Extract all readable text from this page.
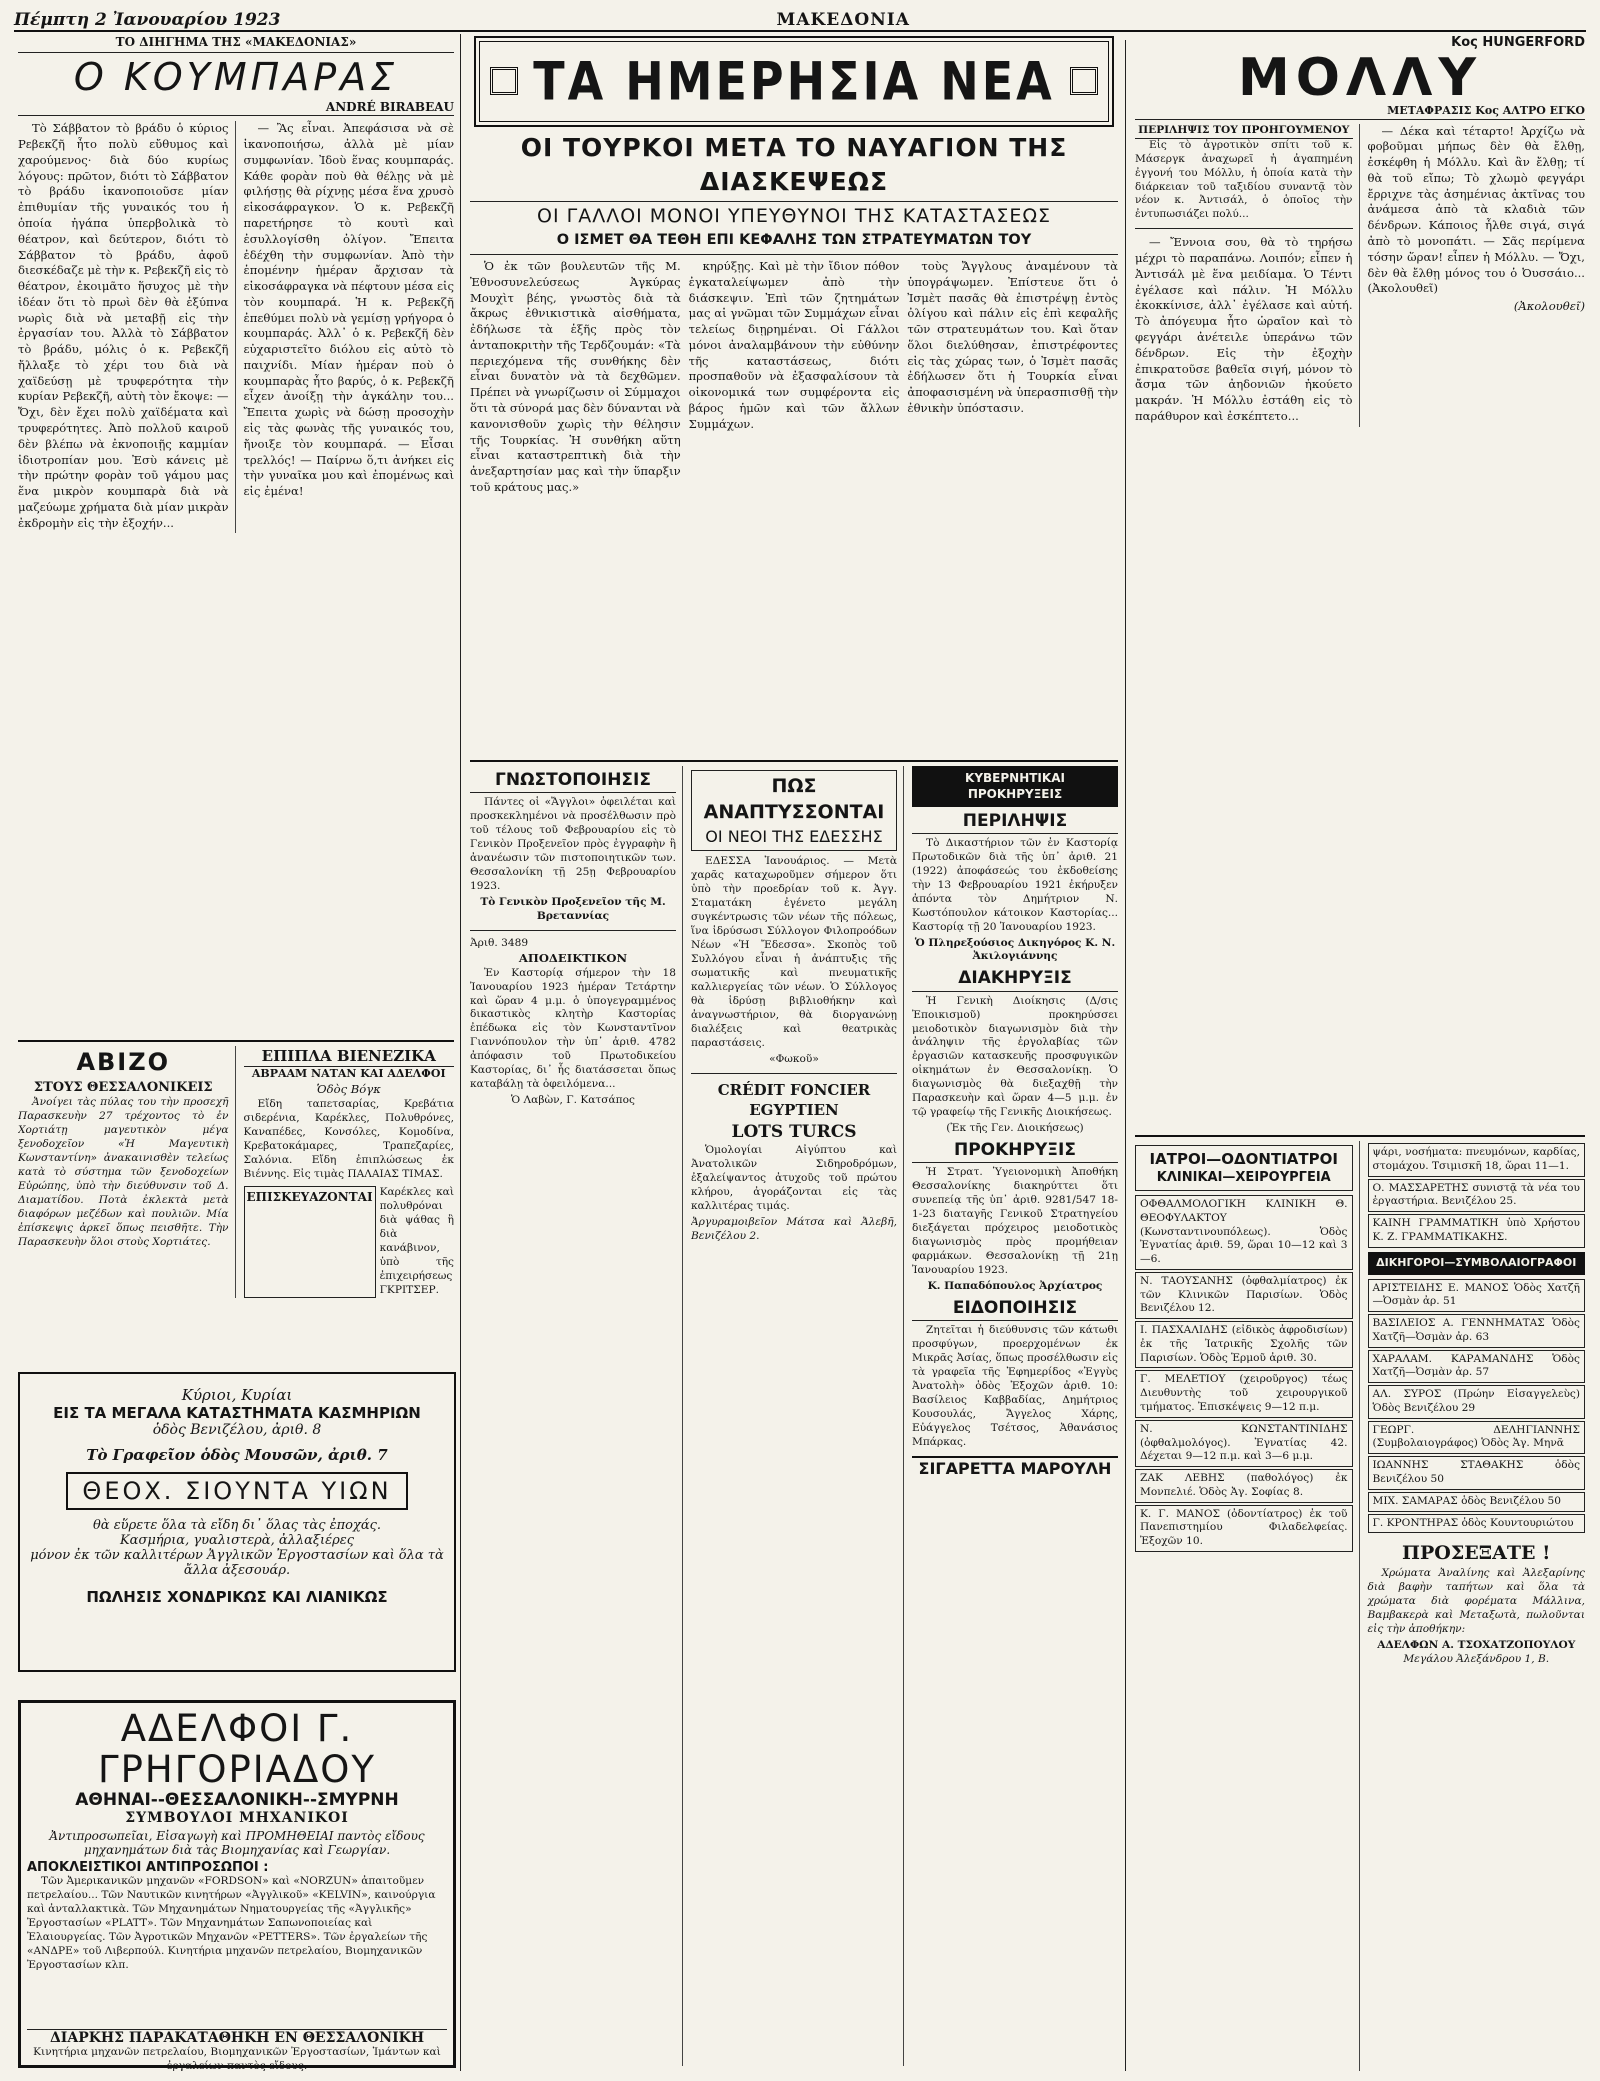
Πέμπτη 2 Ἰανουαρίου 1923	ΜΑΚΕΔΟΝΙΑ
ΤΟ ΔΙΗΓΗΜΑ ΤΗΣ «ΜΑΚΕΔΟΝΙΑΣ»
Ο ΚΟΥΜΠΑΡΑΣ
ANDRÉ BIRABEAU

Τὸ Σάββατον τὸ βράδυ ὁ κύριος Ρεβεκζῆ ἦτο πολὺ εὔθυμος καὶ χαρούμενος· διὰ δύο κυρίως λόγους: πρῶτον, διότι τὸ Σάββατον τὸ βράδυ ἱκανοποιοῦσε μίαν ἐπιθυμίαν τῆς γυναικός του ἡ ὁποία ἠγάπα ὑπερβολικὰ τὸ θέατρον, καὶ δεύτερον, διότι τὸ Σάββατον τὸ βράδυ, ἀφοῦ διεσκέδαζε μὲ τὴν κ. Ρεβεκζῆ εἰς τὸ θέατρον, ἐκοιμᾶτο ἥσυχος μὲ τὴν ἰδέαν ὅτι τὸ πρωὶ δὲν θὰ ἐξύπνα νωρὶς διὰ νὰ μεταβῇ εἰς τὴν ἐργασίαν του. Ἀλλὰ τὸ Σάββατον τὸ βράδυ, μόλις ὁ κ. Ρεβεκζῆ ἤλλαξε τὸ χέρι του διὰ νὰ χαϊδεύσῃ μὲ τρυφερότητα τὴν κυρίαν Ρεβεκζῆ, αὐτὴ τὸν ἔκοψε: — Ὄχι, δὲν ἔχει πολὺ χαϊδέματα καὶ τρυφερότητες. Ἀπὸ πολλοῦ καιροῦ δὲν βλέπω νὰ ἐκνοποιῇς καμμίαν ἰδιοτροπίαν μου. Ἐσὺ κάνεις μὲ τὴν πρώτην φορὰν τοῦ γάμου μας ἕνα μικρὸν κουμπαρὰ διὰ νὰ μαζεύωμε χρήματα διὰ μίαν μικρὰν ἐκδρομὴν εἰς τὴν ἐξοχήν...

— Ἂς εἶναι. Ἀπεφάσισα νὰ σὲ ἱκανοποιήσω, ἀλλὰ μὲ μίαν συμφωνίαν. Ἰδοὺ ἕνας κουμπαράς. Κάθε φορὰν ποὺ θὰ θέλῃς νὰ μὲ φιλήσῃς θὰ ρίχνῃς μέσα ἕνα χρυσὸ εἰκοσάφραγκον. Ὁ κ. Ρεβεκζῆ παρετήρησε τὸ κουτὶ καὶ ἐσυλλογίσθη ὀλίγον. Ἔπειτα ἐδέχθη τὴν συμφωνίαν. Ἀπὸ τὴν ἑπομένην ἡμέραν ἄρχισαν τὰ εἰκοσάφραγκα νὰ πέφτουν μέσα εἰς τὸν κουμπαρά. Ἡ κ. Ρεβεκζῆ ἐπεθύμει πολὺ νὰ γεμίσῃ γρήγορα ὁ κουμπαράς. Ἀλλ᾽ ὁ κ. Ρεβεκζῆ δὲν εὐχαριστεῖτο διόλου εἰς αὐτὸ τὸ παιχνίδι. Μίαν ἡμέραν ποὺ ὁ κουμπαρὰς ἦτο βαρύς, ὁ κ. Ρεβεκζῆ εἶχεν ἀνοίξῃ τὴν ἀγκάλην του... Ἔπειτα χωρὶς νὰ δώσῃ προσοχὴν εἰς τὰς φωνὰς τῆς γυναικός του, ἤνοιξε τὸν κουμπαρά. — Εἶσαι τρελλός! — Παίρνω ὅ,τι ἀνήκει εἰς τὴν γυναῖκα μου καὶ ἐπομένως καὶ εἰς ἐμένα!

ΑΒΙΖΟ
ΣΤΟΥΣ ΘΕΣΣΑΛΟΝΙΚΕΙΣ

Ἀνοίγει τὰς πύλας του τὴν προσεχῆ Παρασκευὴν 27 τρέχοντος τὸ ἐν Χορτιάτῃ μαγευτικὸν μέγα ξενοδοχεῖον «Ἡ Μαγευτικὴ Κωνσταντίνη» ἀνακαινισθὲν τελείως κατὰ τὸ σύστημα τῶν ξενοδοχείων Εὐρώπης, ὑπὸ τὴν διεύθυνσιν τοῦ Δ. Διαματίδου. Ποτὰ ἐκλεκτὰ μετὰ διαφόρων μεζέδων καὶ πουλιῶν. Μία ἐπίσκεψις ἀρκεῖ ὅπως πεισθῆτε. Τὴν Παρασκευὴν ὅλοι στοὺς Χορτιάτες.

ΕΠΙΠΛΑ ΒΙΕΝΕΖΙΚΑ
ΑΒΡΑΑΜ ΝΑΤΑΝ ΚΑΙ ΑΔΕΛΦΟΙ
Ὁδὸς Βόγκ

Εἴδη ταπετσαρίας, Κρεβάτια σιδερένια, Καρέκλες, Πολυθρόνες, Καναπέδες, Κονσόλες, Κομοδίνα, Κρεβατοκάμαρες, Τραπεζαρίες, Σαλόνια. Εἴδη ἐπιπλώσεως ἐκ Βιέννης. Εἰς τιμὰς ΠΑΛΑΙΑΣ ΤΙΜΑΣ.

ΕΠΙΣΚΕΥΑΖΟΝΤΑΙ Καρέκλες καὶ πολυθρόναι διὰ ψάθας ἢ διὰ κανάβινον, ὑπὸ τῆς ἐπιχειρήσεως ΓΚΡΙΤΣΕΡ.
Κύριοι, Κυρίαι
ΕΙΣ ΤΑ ΜΕΓΑΛΑ ΚΑΤΑΣΤΗΜΑΤΑ ΚΑΣΜΗΡΙΩΝ
ὁδὸς Βενιζέλου, ἀριθ. 8
Τὸ Γραφεῖον ὁδὸς Μουσῶν, ἀριθ. 7
ΘΕΟΧ. ΣΙΟΥΝΤΑ ΥΙΩΝ
θὰ εὕρετε ὅλα τὰ εἴδη δι᾽ ὅλας τὰς ἐποχάς.
Κασμήρια, γυαλιστερὰ, ἀλλαξιέρες
μόνον ἐκ τῶν καλλιτέρων Ἀγγλικῶν Ἐργοστασίων καὶ ὅλα τὰ ἄλλα ἀξεσουάρ.
ΠΩΛΗΣΙΣ ΧΟΝΔΡΙΚΩΣ ΚΑΙ ΛΙΑΝΙΚΩΣ
ΑΔΕΛΦΟΙ Γ. ΓΡΗΓΟΡΙΑΔΟΥ
ΑΘΗΝΑΙ--ΘΕΣΣΑΛΟΝΙΚΗ--ΣΜΥΡΝΗ
ΣΥΜΒΟΥΛΟΙ ΜΗΧΑΝΙΚΟΙ
Ἀντιπροσωπεῖαι, Εἰσαγωγὴ καὶ ΠΡΟΜΗΘΕΙΑΙ παντὸς εἴδους μηχανημάτων διὰ τὰς Βιομηχανίας καὶ Γεωργίαν.
ΑΠΟΚΛΕΙΣΤΙΚΟΙ ΑΝΤΙΠΡΟΣΩΠΟΙ :

Τῶν Ἀμερικανικῶν μηχανῶν «FORDSON» καὶ «NORZUN» ἀπαιτοῦμεν πετρελαίου... Τῶν Ναυτικῶν κινητήρων «Ἀγγλικοῦ» «KELVIN», καινούργια καὶ ἀνταλλακτικὰ. Τῶν Μηχανημάτων Νηματουργείας τῆς «Ἀγγλικῆς» Ἐργοστασίων «PLATT». Τῶν Μηχανημάτων Σαπωνοποιείας καὶ Ἐλαιουργείας. Τῶν Ἀγροτικῶν Μηχανῶν «PETTERS». Τῶν ἐργαλείων τῆς «ΑΝΔΡΕ» τοῦ Λιβερπούλ. Κινητήρια μηχανῶν πετρελαίου, Βιομηχανικῶν Ἐργοστασίων κλπ.

ΔΙΑΡΚΗΣ ΠΑΡΑΚΑΤΑΘΗΚΗ ΕΝ ΘΕΣΣΑΛΟΝΙΚΗ
Κινητήρια μηχανῶν πετρελαίου, Βιομηχανικῶν Ἐργοστασίων, Ἰμάντων καὶ ἐργαλείων παντὸς εἴδους.
ΤΑ ΗΜΕΡΗΣΙΑ ΝΕΑ
ΟΙ ΤΟΥΡΚΟΙ ΜΕΤΑ ΤΟ ΝΑΥΑΓΙΟΝ ΤΗΣ ΔΙΑΣΚΕΨΕΩΣ
ΟΙ ΓΑΛΛΟΙ ΜΟΝΟΙ ΥΠΕΥΘΥΝΟΙ ΤΗΣ ΚΑΤΑΣΤΑΣΕΩΣ
Ο ΙΣΜΕΤ ΘΑ ΤΕΘΗ ΕΠΙ ΚΕΦΑΛΗΣ ΤΩΝ ΣΤΡΑΤΕΥΜΑΤΩΝ ΤΟΥ

Ὁ ἐκ τῶν βουλευτῶν τῆς Μ. Ἐθνοσυνελεύσεως Ἀγκύρας Μουχὶτ βέης, γνωστὸς διὰ τὰ ἄκρως ἐθνικιστικὰ αἰσθήματα, ἐδήλωσε τὰ ἑξῆς πρὸς τὸν ἀνταποκριτὴν τῆς Τερδζουμάν: «Τὰ περιεχόμενα τῆς συνθήκης δὲν εἶναι δυνατὸν νὰ τὰ δεχθῶμεν. Πρέπει νὰ γνωρίζωσιν οἱ Σύμμαχοι ὅτι τὰ σύνορά μας δὲν δύνανται νὰ κανονισθοῦν χωρὶς τὴν θέλησιν τῆς Τουρκίας. Ἡ συνθήκη αὕτη εἶναι καταστρεπτικὴ διὰ τὴν ἀνεξαρτησίαν μας καὶ τὴν ὕπαρξιν τοῦ κράτους μας.»

κηρύξῃς. Καὶ μὲ τὴν ἴδιον πόθον ἐγκαταλείψωμεν ἀπὸ τὴν διάσκεψιν. Ἐπὶ τῶν ζητημάτων μας αἱ γνῶμαι τῶν Συμμάχων εἶναι τελείως διῃρημέναι. Οἱ Γάλλοι μόνοι ἀναλαμβάνουν τὴν εὐθύνην τῆς καταστάσεως, διότι προσπαθοῦν νὰ ἐξασφαλίσουν τὰ οἰκονομικά των συμφέροντα εἰς βάρος ἡμῶν καὶ τῶν ἄλλων Συμμάχων.

τοὺς Ἄγγλους ἀναμένουν τὰ ὑπογράψωμεν. Ἐπίστευε ὅτι ὁ Ἰσμὲτ πασᾶς θὰ ἐπιστρέψῃ ἐντὸς ὀλίγου καὶ πάλιν εἰς ἐπὶ κεφαλῆς τῶν στρατευμάτων του. Καὶ ὅταν ὅλοι διελύθησαν, ἐπιστρέφοντες εἰς τὰς χώρας των, ὁ Ἰσμὲτ πασᾶς ἐδήλωσεν ὅτι ἡ Τουρκία εἶναι ἀποφασισμένη νὰ ὑπερασπισθῇ τὴν ἐθνικὴν ὑπόστασιν.

ΓΝΩΣΤΟΠΟΙΗΣΙΣ

Πάντες οἱ «Ἄγγλοι» ὀφειλέται καὶ προσκεκλημένοι νὰ προσέλθωσιν πρὸ τοῦ τέλους τοῦ Φεβρουαρίου εἰς τὸ Γενικὸν Προξενεῖον πρὸς ἐγγραφὴν ἢ ἀνανέωσιν τῶν πιστοποιητικῶν των. Θεσσαλονίκη τῇ 25ῃ Φεβρουαρίου 1923.

Τὸ Γενικὸν Προξενεῖον τῆς Μ. Βρεταννίας
Ἀριθ. 3489
ΑΠΟΔΕΙΚΤΙΚΟΝ

Ἐν Καστορίᾳ σήμερον τὴν 18 Ἰανουαρίου 1923 ἡμέραν Τετάρτην καὶ ὥραν 4 μ.μ. ὁ ὑπογεγραμμένος δικαστικὸς κλητὴρ Καστορίας ἐπέδωκα εἰς τὸν Κωνσταντῖνον Γιαννόπουλον τὴν ὑπ᾽ ἀριθ. 4782 ἀπόφασιν τοῦ Πρωτοδικείου Καστορίας, δι᾽ ἧς διατάσσεται ὅπως καταβάλῃ τὰ ὀφειλόμενα...

Ὁ Λαβὼν, Γ. Κατσάπος
ΠΩΣ ΑΝΑΠΤΥΣΣΟΝΤΑΙ
ΟΙ ΝΕΟΙ ΤΗΣ ΕΔΕΣΣΗΣ

ΕΔΕΣΣΑ Ἰανουάριος. — Μετὰ χαρᾶς καταχωροῦμεν σήμερον ὅτι ὑπὸ τὴν προεδρίαν τοῦ κ. Ἀγγ. Σταματάκη ἐγένετο μεγάλη συγκέντρωσις τῶν νέων τῆς πόλεως, ἵνα ἱδρύσωσι Σύλλογον Φιλοπροόδων Νέων «Ἡ Ἔδεσσα». Σκοπὸς τοῦ Συλλόγου εἶναι ἡ ἀνάπτυξις τῆς σωματικῆς καὶ πνευματικῆς καλλιεργείας τῶν νέων. Ὁ Σύλλογος θὰ ἱδρύσῃ βιβλιοθήκην καὶ ἀναγνωστήριον, θὰ διοργανώνῃ διαλέξεις καὶ θεατρικὰς παραστάσεις.

«Φωκοῦ»
CRÉDIT FONCIER EGYPTIEN
LOTS TURCS

Ὁμολογίαι Αἰγύπτου καὶ Ἀνατολικῶν Σιδηροδρόμων, ἐξαλείψαντος ἀτυχοῦς τοῦ πρώτου κλήρου, ἀγοράζονται εἰς τὰς καλλιτέρας τιμάς.

Ἀργυραμοιβεῖον Μάτσα καὶ Ἀλεβῆ, Βενιζέλου 2.
ΚΥΒΕΡΝΗΤΙΚΑΙ ΠΡΟΚΗΡΥΞΕΙΣ
ΠΕΡΙΛΗΨΙΣ

Τὸ Δικαστήριον τῶν ἐν Καστορίᾳ Πρωτοδικῶν διὰ τῆς ὑπ᾽ ἀριθ. 21 (1922) ἀποφάσεώς του ἐκδοθείσης τὴν 13 Φεβρουαρίου 1921 ἐκήρυξεν ἀπόντα τὸν Δημήτριον Ν. Κωστόπουλον κάτοικον Καστορίας... Καστορίᾳ τῇ 20 Ἰανουαρίου 1923.

Ὁ Πληρεξούσιος Δικηγόρος Κ. Ν. Ἀκιλογιάννης
ΔΙΑΚΗΡΥΞΙΣ

Ἡ Γενικὴ Διοίκησις (Δ/σις Ἐποικισμοῦ) προκηρύσσει μειοδοτικὸν διαγωνισμὸν διὰ τὴν ἀνάληψιν τῆς ἐργολαβίας τῶν ἐργασιῶν κατασκευῆς προσφυγικῶν οἰκημάτων ἐν Θεσσαλονίκῃ. Ὁ διαγωνισμὸς θὰ διεξαχθῇ τὴν Παρασκευὴν καὶ ὥραν 4—5 μ.μ. ἐν τῷ γραφείῳ τῆς Γενικῆς Διοικήσεως.

(Ἐκ τῆς Γεν. Διοικήσεως)
ΠΡΟΚΗΡΥΞΙΣ

Ἡ Στρατ. Ὑγειονομικὴ Ἀποθήκη Θεσσαλονίκης διακηρύττει ὅτι συνεπείᾳ τῆς ὑπ᾽ ἀριθ. 9281/547 18-1-23 διαταγῆς Γενικοῦ Στρατηγείου διεξάγεται πρόχειρος μειοδοτικὸς διαγωνισμὸς πρὸς προμήθειαν φαρμάκων. Θεσσαλονίκῃ τῇ 21ῃ Ἰανουαρίου 1923.

Κ. Παπαδόπουλος Ἀρχίατρος
ΕΙΔΟΠΟΙΗΣΙΣ

Ζητεῖται ἡ διεύθυνσις τῶν κάτωθι προσφύγων, προερχομένων ἐκ Μικρᾶς Ἀσίας, ὅπως προσέλθωσιν εἰς τὰ γραφεῖα τῆς Ἐφημερίδος «Ἐγγὺς Ἀνατολὴ» ὁδὸς Ἐξοχῶν ἀριθ. 10: Βασίλειος Καββαδίας, Δημήτριος Κουσουλάς, Ἄγγελος Χάρης, Εὐάγγελος Τσέτσος, Ἀθανάσιος Μπάρκας.

ΣΙΓΑΡΕΤΤΑ ΜΑΡΟΥΛΗ
Κος HUNGERFORD
ΜΟΛΛΥ
ΜΕΤΑΦΡΑΣΙΣ Κος ΑΛΤΡΟ ΕΓΚΟ
ΠΕΡΙΛΗΨΙΣ ΤΟΥ ΠΡΟΗΓΟΥΜΕΝΟΥ

Εἰς τὸ ἀγροτικὸν σπίτι τοῦ κ. Μάσεργκ ἀναχωρεῖ ἡ ἀγαπημένη ἐγγονή του Μόλλυ, ἡ ὁποία κατὰ τὴν διάρκειαν τοῦ ταξιδίου συναντᾷ τὸν νέον κ. Ἀντισάλ, ὁ ὁποῖος τὴν ἐντυπωσιάζει πολύ...

— Ἔννοια σου, θὰ τὸ τηρήσω μέχρι τὸ παραπάνω. Λοιπόν; εἶπεν ἡ Ἀντισάλ μὲ ἕνα μειδίαμα. Ὁ Τέντι ἐγέλασε καὶ πάλιν. Ἡ Μόλλυ ἐκοκκίνισε, ἀλλ᾽ ἐγέλασε καὶ αὐτή. Τὸ ἀπόγευμα ἦτο ὡραῖον καὶ τὸ φεγγάρι ἀνέτειλε ὑπεράνω τῶν δένδρων. Εἰς τὴν ἐξοχὴν ἐπικρατοῦσε βαθεῖα σιγή, μόνον τὸ ἄσμα τῶν ἀηδονιῶν ἠκούετο μακράν. Ἡ Μόλλυ ἐστάθη εἰς τὸ παράθυρον καὶ ἐσκέπτετο...

— Δέκα καὶ τέταρτο! Ἀρχίζω νὰ φοβοῦμαι μήπως δὲν θὰ ἔλθῃ, ἐσκέφθη ἡ Μόλλυ. Καὶ ἂν ἔλθῃ; τί θὰ τοῦ εἴπω; Τὸ χλωμὸ φεγγάρι ἔρριχνε τὰς ἀσημένιας ἀκτῖνας του ἀνάμεσα ἀπὸ τὰ κλαδιὰ τῶν δένδρων. Κάποιος ἦλθε σιγά, σιγά ἀπὸ τὸ μονοπάτι. — Σᾶς περίμενα τόσην ὥραν! εἶπεν ἡ Μόλλυ. — Ὄχι, δὲν θὰ ἔλθῃ μόνος του ὁ Ὀυσσάιο... (Ἀκολουθεῖ)

(Ἀκολουθεῖ)
ΙΑΤΡΟΙ—ΟΔΟΝΤΙΑΤΡΟΙ
ΚΛΙΝΙΚΑΙ—ΧΕΙΡΟΥΡΓΕΙΑ
ΟΦΘΑΛΜΟΛΟΓΙΚΗ ΚΛΙΝΙΚΗ Θ. ΘΕΟΦΥΛΑΚΤΟΥ (Κωνσταντινουπόλεως). Ὁδὸς Ἐγνατίας ἀριθ. 59, ὥραι 10—12 καὶ 3—6.
Ν. ΤΑΟΥΣΑΝΗΣ (ὀφθαλμίατρος) ἐκ τῶν Κλινικῶν Παρισίων. Ὁδὸς Βενιζέλου 12.
Ι. ΠΑΣΧΑΛΙΔΗΣ (εἰδικὸς ἀφροδισίων) ἐκ τῆς Ἰατρικῆς Σχολῆς τῶν Παρισίων. Ὁδὸς Ἑρμοῦ ἀριθ. 30.
Γ. ΜΕΛΕΤΙΟΥ (χειροῦργος) τέως Διευθυντὴς τοῦ χειρουργικοῦ τμήματος. Ἐπισκέψεις 9—12 π.μ.
Ν. ΚΩΝΣΤΑΝΤΙΝΙΔΗΣ (ὀφθαλμολόγος). Ἐγνατίας 42. Δέχεται 9—12 π.μ. καὶ 3—6 μ.μ.
ΖΑΚ ΛΕΒΗΣ (παθολόγος) ἐκ Μονπελιέ. Ὁδὸς Ἀγ. Σοφίας 8.
Κ. Γ. ΜΑΝΟΣ (ὀδοντίατρος) ἐκ τοῦ Πανεπιστημίου Φιλαδελφείας. Ἐξοχῶν 10.
ψάρι, νοσήματα: πνευμόνων, καρδίας, στομάχου. Τσιμισκῆ 18, ὥραι 11—1.
Ο. ΜΑΣΣΑΡΕΤΗΣ συνιστᾷ τὰ νέα του ἐργαστήρια. Βενιζέλου 25.
ΚΑΙΝΗ ΓΡΑΜΜΑΤΙΚΗ ὑπὸ Χρήστου Κ. Ζ. ΓΡΑΜΜΑΤΙΚΑΚΗΣ.
ΔΙΚΗΓΟΡΟΙ—ΣΥΜΒΟΛΑΙΟΓΡΑΦΟΙ
ΑΡΙΣΤΕΙΔΗΣ Ε. ΜΑΝΟΣ Ὁδὸς Χατζῆ—Ὀσμὰν ἀρ. 51
ΒΑΣΙΛΕΙΟΣ Α. ΓΕΝΝΗΜΑΤΑΣ Ὁδὸς Χατζῆ—Ὀσμὰν ἀρ. 63
ΧΑΡΑΛΑΜ. ΚΑΡΑΜΑΝΔΗΣ Ὁδὸς Χατζῆ—Ὀσμὰν ἀρ. 57
ΑΛ. ΣΥΡΟΣ (Πρώην Εἰσαγγελεὺς) Ὁδὸς Βενιζέλου 29
ΓΕΩΡΓ. ΔΕΛΗΓΙΑΝΝΗΣ (Συμβολαιογράφος) Ὁδὸς Ἁγ. Μηνᾶ
ΙΩΑΝΝΗΣ ΣΤΑΘΑΚΗΣ ὁδὸς Βενιζέλου 50
ΜΙΧ. ΣΑΜΑΡΑΣ ὁδὸς Βενιζέλου 50
Γ. ΚΡΟΝΤΗΡΑΣ ὁδὸς Κουντουριώτου
ΠΡΟΣΕΞΑΤΕ !

Χρώματα Ἀναλίνης καὶ Ἀλεξαρίνης διὰ βαφὴν ταπήτων καὶ ὅλα τὰ χρώματα διὰ φορέματα Μάλλινα, Βαμβακερὰ καὶ Μεταξωτὰ, πωλοῦνται εἰς τὴν ἀποθήκην:

ΑΔΕΛΦΩΝ Α. ΤΣΟΧΑΤΖΟΠΟΥΛΟΥ
Μεγάλου Ἀλεξάνδρου 1, Β.
